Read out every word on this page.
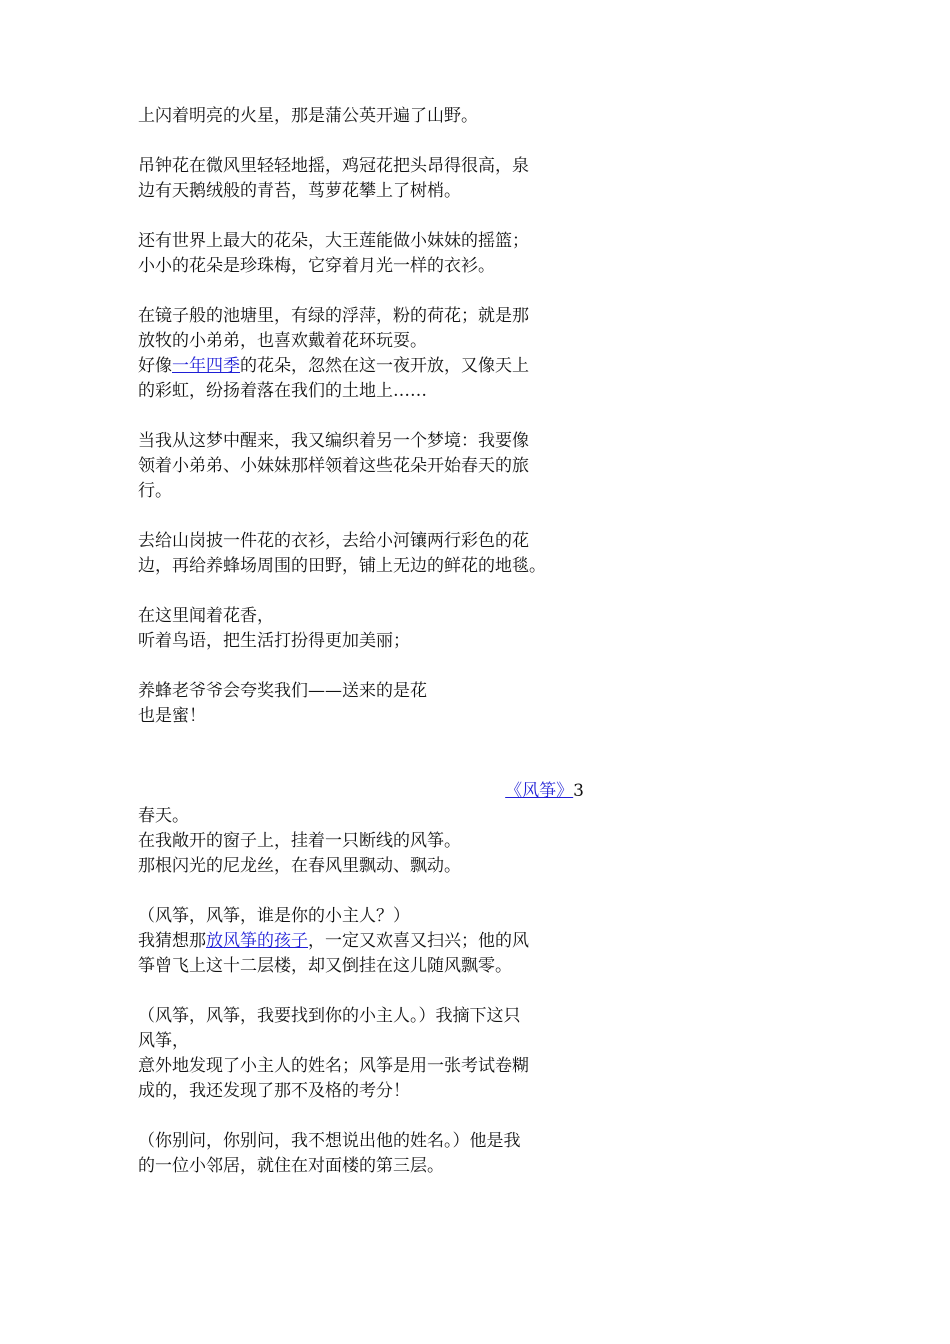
上闪着明亮的火星，那是蒲公英开遍了山野。
吊钟花在微风里轻轻地摇，鸡冠花把头昂得很高，泉
边有天鹅绒般的青苔，茑萝花攀上了树梢。
还有世界上最大的花朵，大王莲能做小妹妹的摇篮；
小小的花朵是珍珠梅，它穿着月光一样的衣衫。
在镜子般的池塘里，有绿的浮萍，粉的荷花；就是那
放牧的小弟弟，也喜欢戴着花环玩耍。
好像一年四季的花朵，忽然在这一夜开放，又像天上
的彩虹，纷扬着落在我们的土地上……
当我从这梦中醒来，我又编织着另一个梦境：我要像
领着小弟弟、小妹妹那样领着这些花朵开始春天的旅
行。
去给山岗披一件花的衣衫，去给小河镶两行彩色的花
边，再给养蜂场周围的田野，铺上无边的鲜花的地毯。
在这里闻着花香，
听着鸟语，把生活打扮得更加美丽；
养蜂老爷爷会夸奖我们——送来的是花
也是蜜！
《风筝》3
春天。
在我敞开的窗子上，挂着一只断线的风筝。
那根闪光的尼龙丝，在春风里飘动、飘动。
（风筝，风筝，谁是你的小主人？）
我猜想那放风筝的孩子，一定又欢喜又扫兴；他的风
筝曾飞上这十二层楼，却又倒挂在这儿随风飘零。
（风筝，风筝，我要找到你的小主人。）我摘下这只
风筝，
意外地发现了小主人的姓名；风筝是用一张考试卷糊
成的，我还发现了那不及格的考分！
（你别问，你别问，我不想说出他的姓名。）他是我
的一位小邻居，就住在对面楼的第三层。
